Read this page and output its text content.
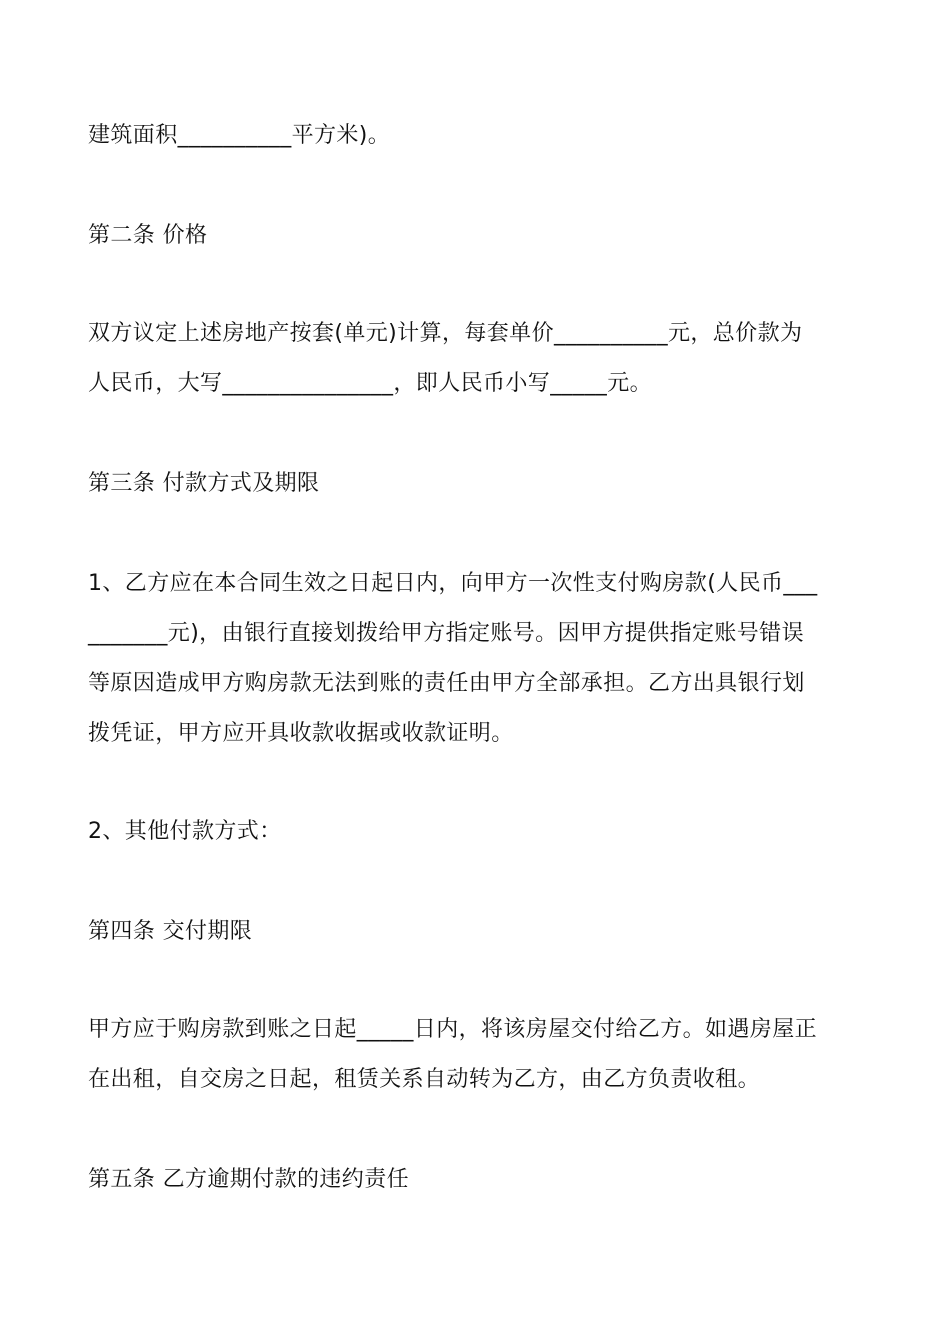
建筑面积__________平方米)。
第二条 价格
双方议定上述房地产按套(单元)计算，每套单价__________元，总价款为
人民币，大写_______________，即人民币小写_____元。
第三条 付款方式及期限
1、乙方应在本合同生效之日起日内，向甲方一次性支付购房款(人民币___
_______元)，由银行直接划拨给甲方指定账号。因甲方提供指定账号错误
等原因造成甲方购房款无法到账的责任由甲方全部承担。乙方出具银行划
拨凭证，甲方应开具收款收据或收款证明。
2、其他付款方式：
第四条 交付期限
甲方应于购房款到账之日起_____日内，将该房屋交付给乙方。如遇房屋正
在出租，自交房之日起，租赁关系自动转为乙方，由乙方负责收租。
第五条 乙方逾期付款的违约责任
